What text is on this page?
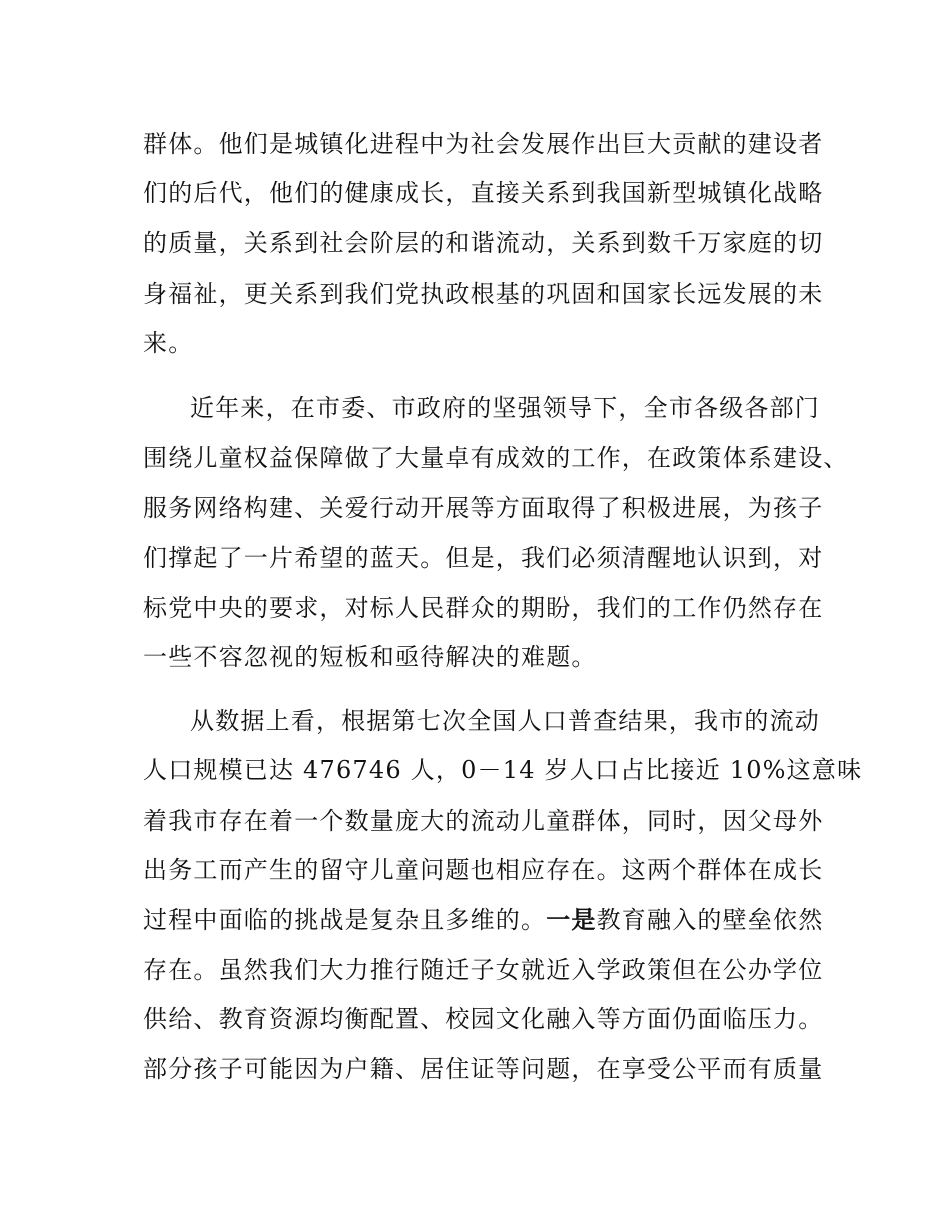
群体。他们是城镇化进程中为社会发展作出巨大贡献的建设者
们的后代，他们的健康成长，直接关系到我国新型城镇化战略
的质量，关系到社会阶层的和谐流动，关系到数千万家庭的切
身福祉，更关系到我们党执政根基的巩固和国家长远发展的未
来。
近年来，在市委、市政府的坚强领导下，全市各级各部门
围绕儿童权益保障做了大量卓有成效的工作，在政策体系建设、
服务网络构建、关爱行动开展等方面取得了积极进展，为孩子
们撑起了一片希望的蓝天。但是，我们必须清醒地认识到，对
标党中央的要求，对标人民群众的期盼，我们的工作仍然存在
一些不容忽视的短板和亟待解决的难题。
从数据上看，根据第七次全国人口普查结果，我市的流动
人口规模已达 476746 人，0－14 岁人口占比接近 10%这意味
着我市存在着一个数量庞大的流动儿童群体，同时，因父母外
出务工而产生的留守儿童问题也相应存在。这两个群体在成长
过程中面临的挑战是复杂且多维的。一是教育融入的壁垒依然
存在。虽然我们大力推行随迁子女就近入学政策但在公办学位
供给、教育资源均衡配置、校园文化融入等方面仍面临压力。
部分孩子可能因为户籍、居住证等问题，在享受公平而有质量
